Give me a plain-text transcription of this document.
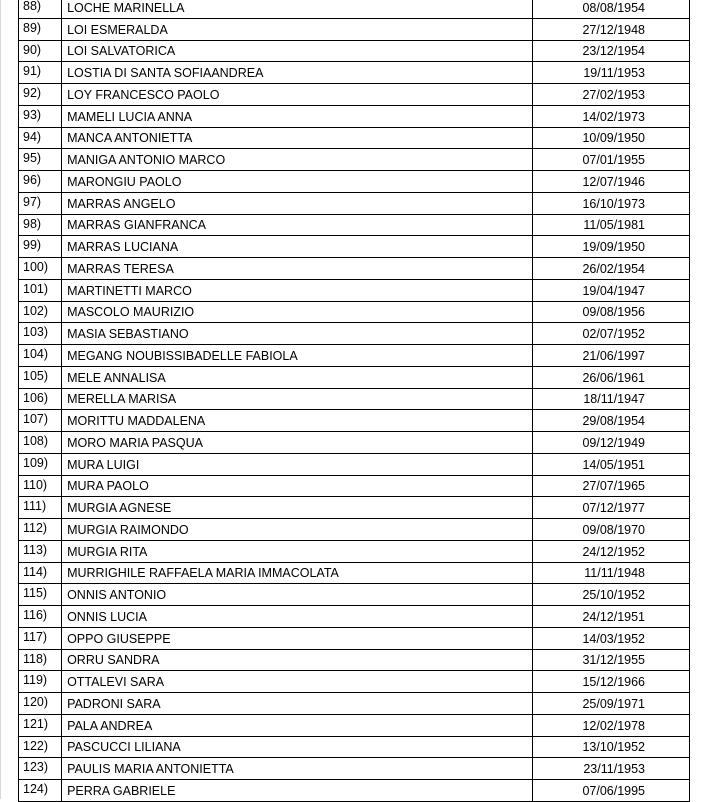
88)	LOCHE MARINELLA	08/08/1954
89)	LOI ESMERALDA	27/12/1948
90)	LOI SALVATORICA	23/12/1954
91)	LOSTIA DI SANTA SOFIAANDREA	19/11/1953
92)	LOY FRANCESCO PAOLO	27/02/1953
93)	MAMELI LUCIA ANNA	14/02/1973
94)	MANCA ANTONIETTA	10/09/1950
95)	MANIGA ANTONIO MARCO	07/01/1955
96)	MARONGIU PAOLO	12/07/1946
97)	MARRAS ANGELO	16/10/1973
98)	MARRAS GIANFRANCA	11/05/1981
99)	MARRAS LUCIANA	19/09/1950
100)	MARRAS TERESA	26/02/1954
101)	MARTINETTI MARCO	19/04/1947
102)	MASCOLO MAURIZIO	09/08/1956
103)	MASIA SEBASTIANO	02/07/1952
104)	MEGANG NOUBISSIBADELLE FABIOLA	21/06/1997
105)	MELE ANNALISA	26/06/1961
106)	MERELLA MARISA	18/11/1947
107)	MORITTU MADDALENA	29/08/1954
108)	MORO MARIA PASQUA	09/12/1949
109)	MURA LUIGI	14/05/1951
110)	MURA PAOLO	27/07/1965
111)	MURGIA AGNESE	07/12/1977
112)	MURGIA RAIMONDO	09/08/1970
113)	MURGIA RITA	24/12/1952
114)	MURRIGHILE RAFFAELA MARIA IMMACOLATA	11/11/1948
115)	ONNIS ANTONIO	25/10/1952
116)	ONNIS LUCIA	24/12/1951
117)	OPPO GIUSEPPE	14/03/1952
118)	ORRU SANDRA	31/12/1955
119)	OTTALEVI SARA	15/12/1966
120)	PADRONI SARA	25/09/1971
121)	PALA ANDREA	12/02/1978
122)	PASCUCCI LILIANA	13/10/1952
123)	PAULIS MARIA ANTONIETTA	23/11/1953
124)	PERRA GABRIELE	07/06/1995
